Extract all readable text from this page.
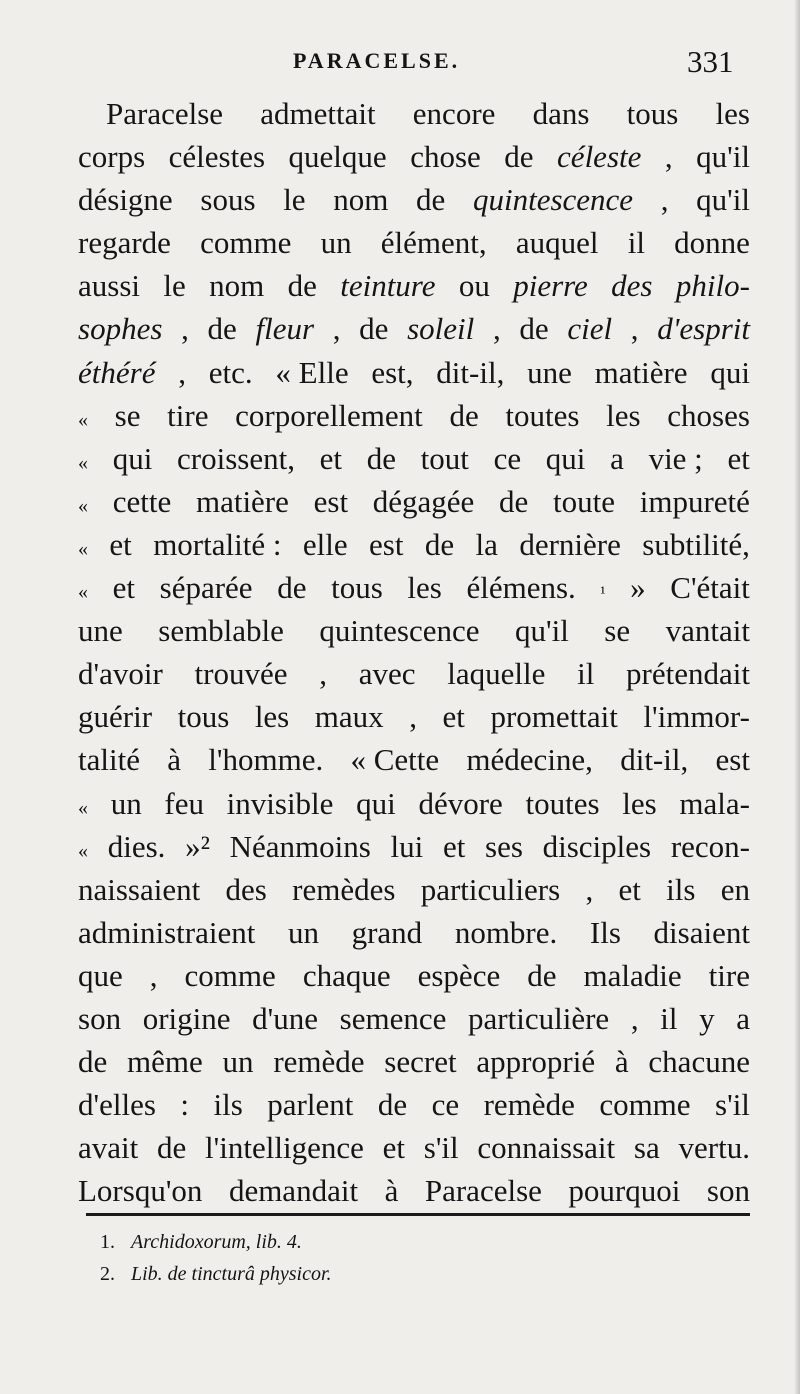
PARACELSE.	331
Paracelse admettait encore dans tous les
corps célestes quelque chose de céleste , qu'il
désigne sous le nom de quintescence , qu'il
regarde comme un élément, auquel il donne
aussi le nom de teinture ou pierre des philo-
sophes , de fleur , de soleil , de ciel , d'esprit
éthéré , etc. « Elle est, dit-il, une matière qui
« se tire corporellement de toutes les choses
« qui croissent, et de tout ce qui a vie ; et
« cette matière est dégagée de toute impureté
« et mortalité : elle est de la dernière subtilité,
« et séparée de tous les élémens. ¹ » C'était
une semblable quintescence qu'il se vantait
d'avoir trouvée , avec laquelle il prétendait
guérir tous les maux , et promettait l'immor-
talité à l'homme. « Cette médecine, dit-il, est
« un feu invisible qui dévore toutes les mala-
« dies. »² Néanmoins lui et ses disciples recon-
naissaient des remèdes particuliers , et ils en
administraient un grand nombre. Ils disaient
que , comme chaque espèce de maladie tire
son origine d'une semence particulière , il y a
de même un remède secret approprié à chacune
d'elles : ils parlent de ce remède comme s'il
avait de l'intelligence et s'il connaissait sa vertu.
Lorsqu'on demandait à Paracelse pourquoi son
1. Archidoxorum, lib. 4.
2. Lib. de tincturâ physicor.
